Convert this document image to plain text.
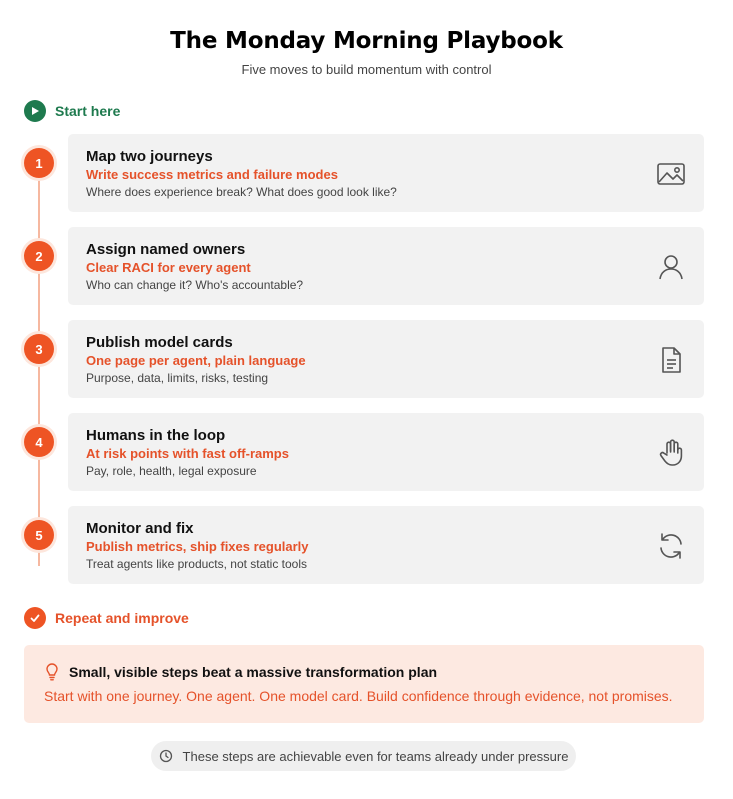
The Monday Morning Playbook
Five moves to build momentum with control
Start here
1	Map two journeys
Write success metrics and failure modes
Where does experience break? What does good look like?
2	Assign named owners
Clear RACI for every agent
Who can change it? Who's accountable?
3	Publish model cards
One page per agent, plain language
Purpose, data, limits, risks, testing
4	Humans in the loop
At risk points with fast off-ramps
Pay, role, health, legal exposure
5	Monitor and fix
Publish metrics, ship fixes regularly
Treat agents like products, not static tools
Repeat and improve
Small, visible steps beat a massive transformation plan
Start with one journey. One agent. One model card. Build confidence through evidence, not promises.
These steps are achievable even for teams already under pressure
